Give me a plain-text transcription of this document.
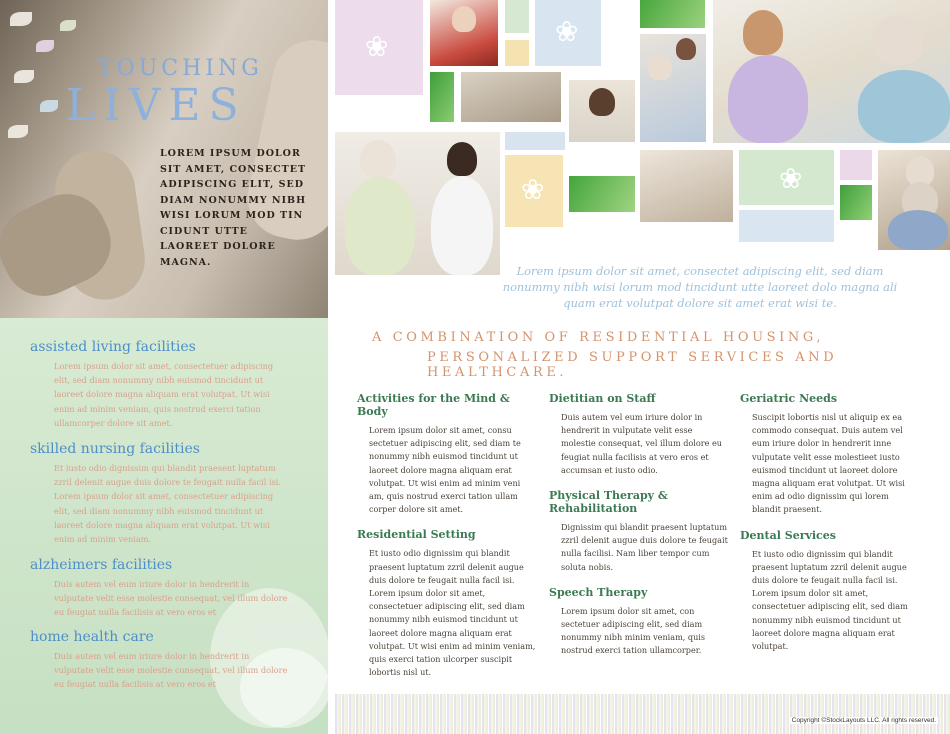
TOUCHING
LIVES
LOREM IPSUM DOLOR SIT AMET, CONSECTET ADIPISCING ELIT, SED DIAM NONUMMY NIBH WISI LORUM MOD TIN CIDUNT UTTE LAOREET DOLORE MAGNA.
assisted living facilities

Lorem ipsum dolor sit amet, consectetuer adipiscing elit, sed diam nonummy nibh euismod tincidunt ut laoreet dolore magna aliquam erat volutpat. Ut wisi enim ad minim veniam, quis nostrud exerci tation ullamcorper dolore sit amet.

skilled nursing facilities

Et iusto odio dignissim qui blandit praesent luptatum zzril delenit augue duis dolore te feugait nulla facil isi. Lorem ipsum dolor sit amet, consectetuer adipiscing elit, sed diam nonummy nibh euismod tincidunt ut laoreet dolore magna aliquam erat volutpat. Ut wisi enim ad minim veniam.

alzheimers facilities

Duis autem vel eum iriure dolor in hendrerit in vulputate velit esse molestie consequat, vel illum dolore eu feugiat nulla facilisis at vero eros et

home health care

Duis autem vel eum iriure dolor in hendrerit in vulputate velit esse molestie consequat, vel illum dolore eu feugiat nulla facilisis at vero eros et

❀	❀
❀	❀
Lorem ipsum dolor sit amet, consectet adipiscing elit, sed diam nonummy nibh wisi lorum mod tincidunt utte laoreet dolo magna ali quam erat volutpat dolore sit amet erat wisi te.
A COMBINATION OF RESIDENTIAL HOUSING,
PERSONALIZED SUPPORT SERVICES AND HEALTHCARE.
Activities for the Mind & Body

Lorem ipsum dolor sit amet, consu sectetuer adipiscing elit, sed diam te nonummy nibh euismod tincidunt ut laoreet dolore magna aliquam erat volutpat. Ut wisi enim ad minim veni am, quis nostrud exerci tation ullam corper dolore sit amet.

Residential Setting

Et iusto odio dignissim qui blandit praesent luptatum zzril delenit augue duis dolore te feugait nulla facil isi. Lorem ipsum dolor sit amet, consectetuer adipiscing elit, sed diam nonummy nibh euismod tincidunt ut laoreet dolore magna aliquam erat volutpat. Ut wisi enim ad minim veniam, quis exerci tation ulcorper suscipit lobortis nisl ut.

Dietitian on Staff

Duis autem vel eum iriure dolor in hendrerit in vulputate velit esse molestie consequat, vel illum dolore eu feugiat nulla facilisis at vero eros et accumsan et iusto odio.

Physical Therapy & Rehabilitation

Dignissim qui blandit praesent luptatum zzril delenit augue duis dolore te feugait nulla facilisi. Nam liber tempor cum soluta nobis.

Speech Therapy

Lorem ipsum dolor sit amet, con sectetuer adipiscing elit, sed diam nonummy nibh minim veniam, quis nostrud exerci tation ullamcorper.

Geriatric Needs

Suscipit lobortis nisl ut aliquip ex ea commodo consequat. Duis autem vel eum iriure dolor in hendrerit inne vulputate velit esse molestieet iusto euismod tincidunt ut laoreet dolore magna aliquam erat volutpat. Ut wisi enim ad odio dignissim qui lorem blandit praesent.

Dental Services

Et iusto odio dignissim qui blandit praesent luptatum zzril delenit augue duis dolore te feugait nulla facil isi. Lorem ipsum dolor sit amet, consectetuer adipiscing elit, sed diam nonummy nibh euismod tincidunt ut laoreet dolore magna aliquam erat volutpat.

Copyright ©StockLayouts LLC. All rights reserved.
